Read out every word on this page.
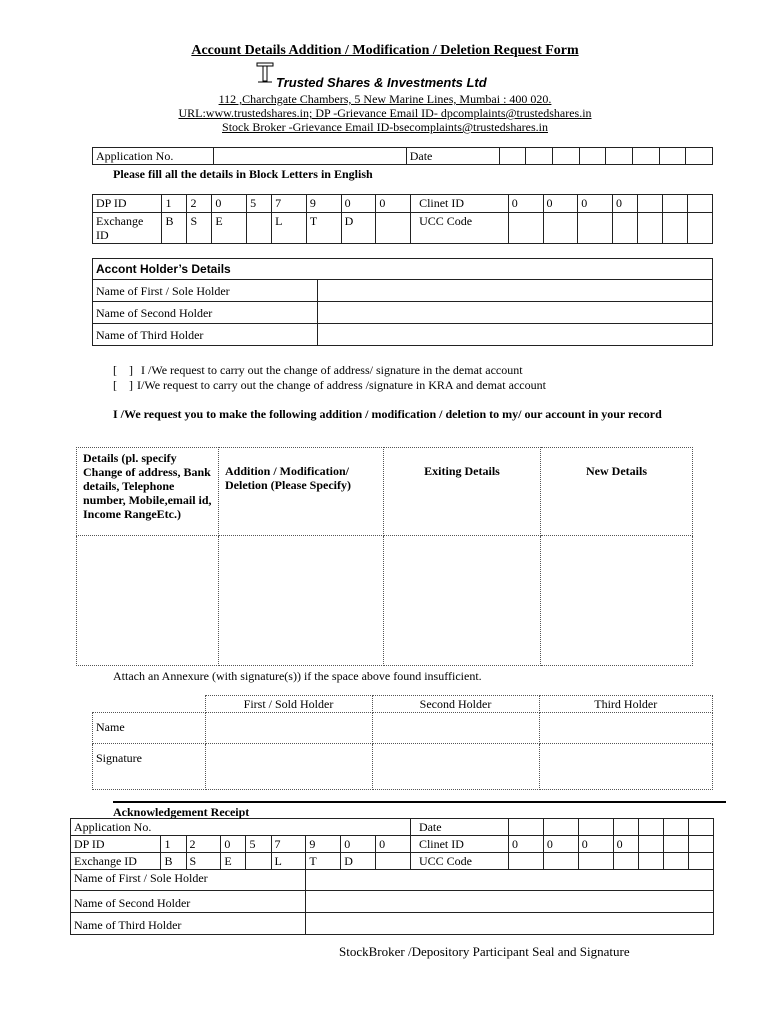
Account Details Addition / Modification / Deletion Request Form
Trusted Shares & Investments Ltd
112 ,Charchgate Chambers, 5 New Marine Lines, Mumbai : 400 020.
URL:www.trustedshares.in; DP -Grievance Email ID- dpcomplaints@trustedshares.in
Stock Broker -Grievance Email ID-bsecomplaints@trustedshares.in
Application No.		Date								
Please fill all the details in Block Letters in English
DP ID	1	2	0	5	7	9	0	0	Clinet ID	0	0	0	0			
Exchange ID	B	S	E		L	T	D		UCC Code							
Accont Holder’s Details	
Name of First / Sole Holder	
Name of Second Holder	
Name of Third Holder	
[    ] I /We request to carry out the change of address/ signature in the demat account
[    ] I/We request to carry out the change of address /signature in KRA and demat account
I /We request you to make the following addition / modification / deletion to my/ our account in your record
Details (pl. specify Change of address, Bank details, Telephone number, Mobile,email id, Income RangeEtc.)	Addition / Modification/ Deletion (Please Specify)	Exiting Details	New Details

Attach an Annexure (with signature(s)) if the space above found insufficient.
	First / Sold Holder	Second Holder	Third Holder
Name			
Signature			
Acknowledgement Receipt
Application No.									Date							
DP ID	1	2	0	5	7	9	0	0	Clinet ID	0	0	0	0			
Exchange ID	B	S	E		L	T	D		UCC Code							
Name of First / Sole Holder																
Name of Second Holder																
Name of Third Holder																
StockBroker /Depository Participant Seal and Signature
